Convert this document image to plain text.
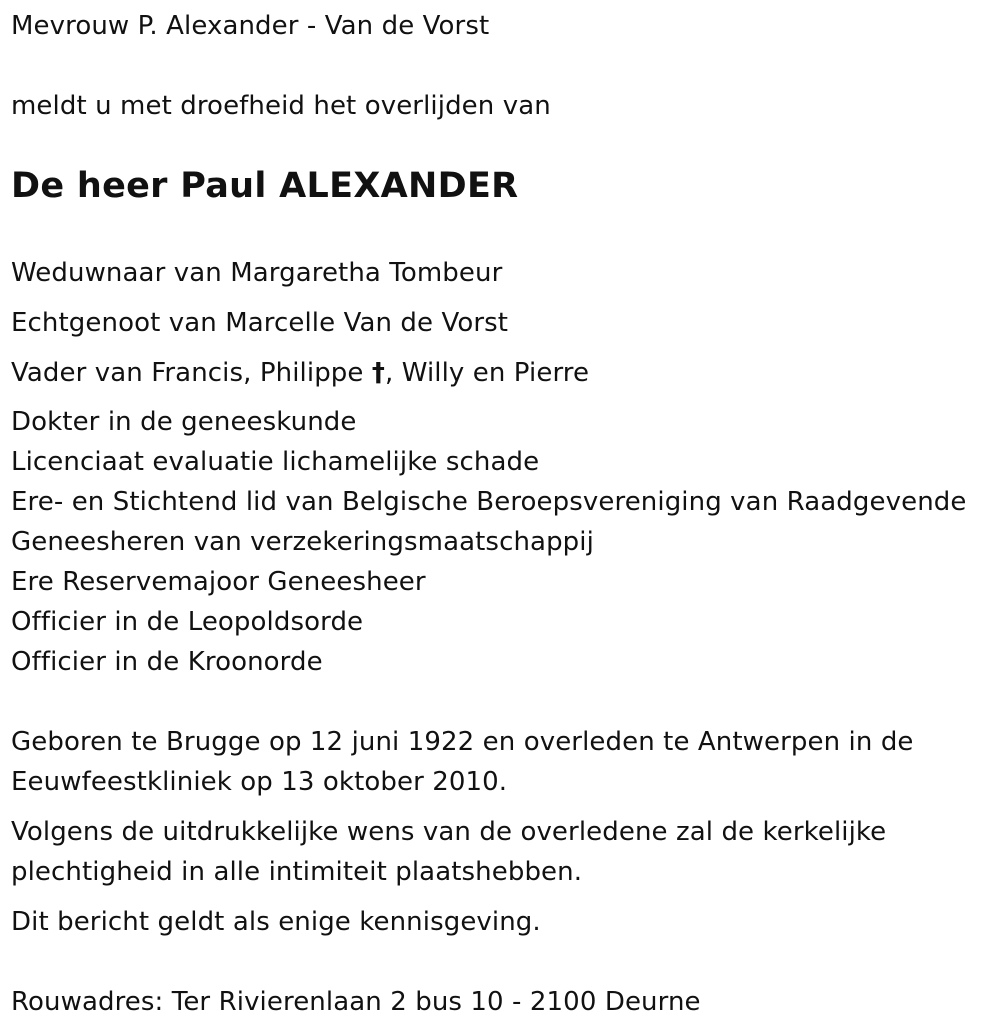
Mevrouw P. Alexander - Van de Vorst

meldt u met droefheid het overlijden van

De heer Paul ALEXANDER

Weduwnaar van Margaretha Tombeur

Echtgenoot van Marcelle Van de Vorst

Vader van Francis, Philippe †, Willy en Pierre

Dokter in de geneeskunde

Licenciaat evaluatie lichamelijke schade

Ere- en Stichtend lid van Belgische Beroepsvereniging van Raadgevende

Geneesheren van verzekeringsmaatschappij

Ere Reservemajoor Geneesheer

Officier in de Leopoldsorde

Officier in de Kroonorde

Geboren te Brugge op 12 juni 1922 en overleden te Antwerpen in de

Eeuwfeestkliniek op 13 oktober 2010.

Volgens de uitdrukkelijke wens van de overledene zal de kerkelijke

plechtigheid in alle intimiteit plaatshebben.

Dit bericht geldt als enige kennisgeving.

Rouwadres: Ter Rivierenlaan 2 bus 10 - 2100 Deurne
